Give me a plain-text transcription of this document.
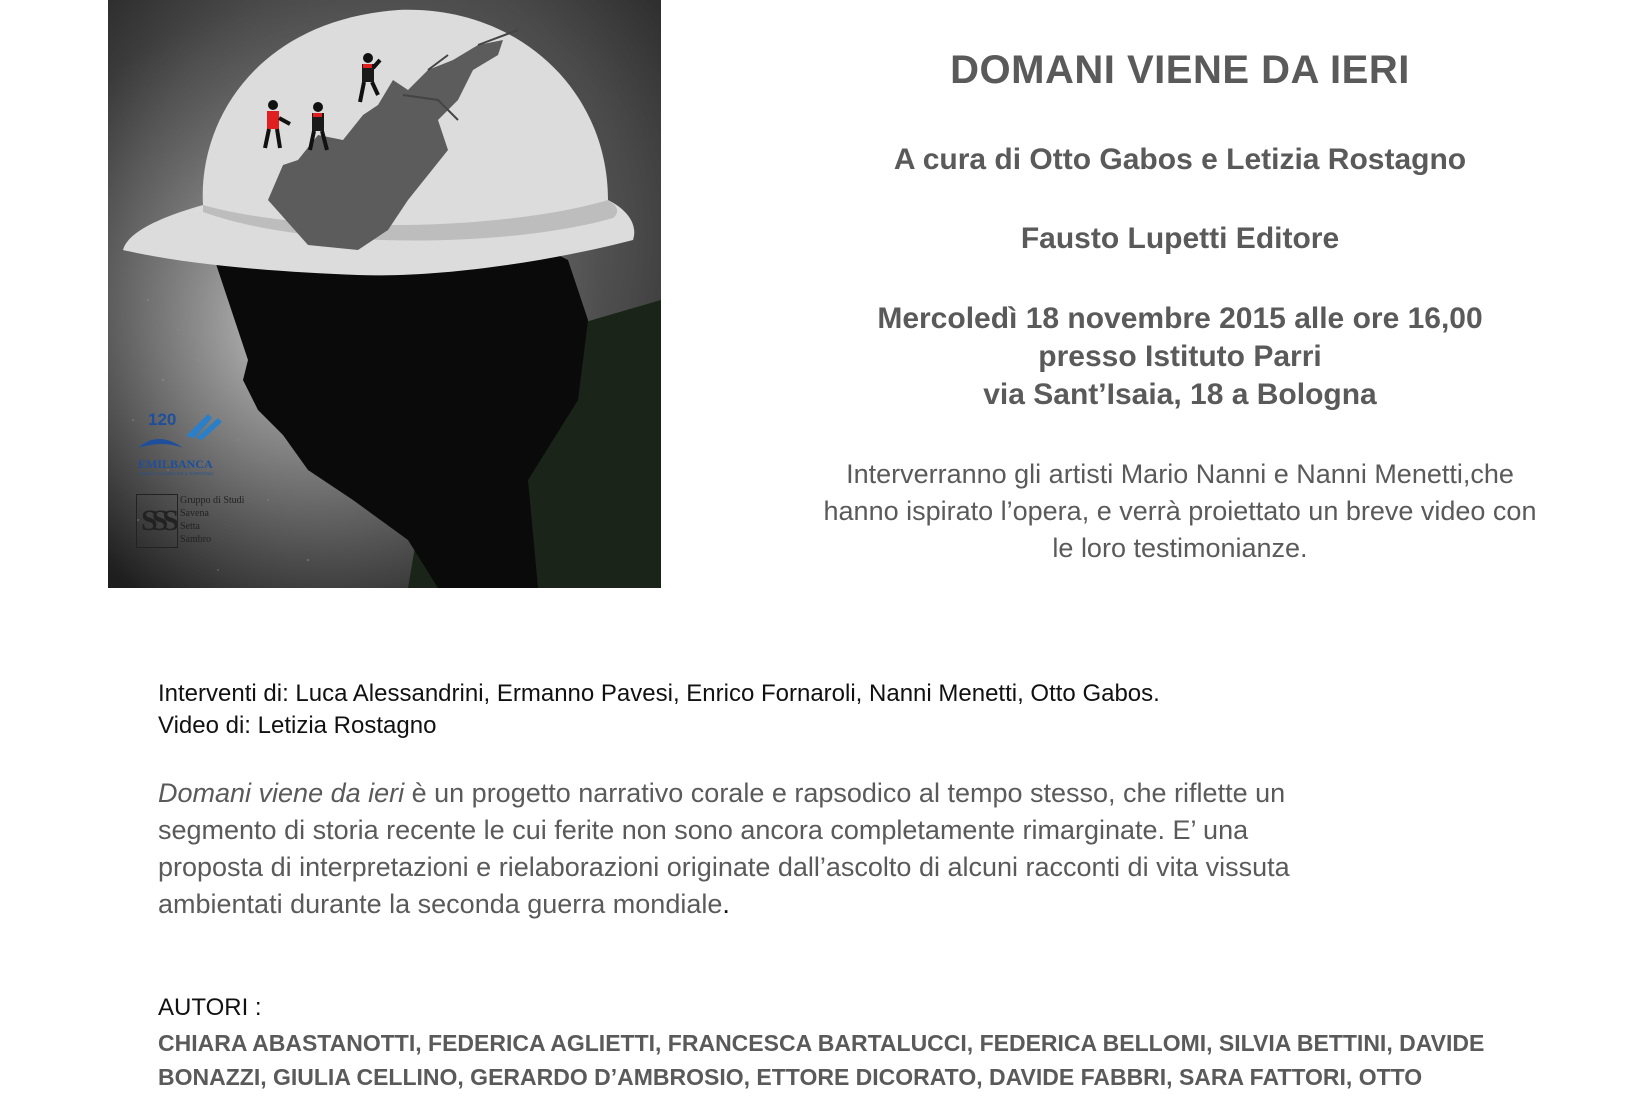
120
EMILBANCA
STORIA E FUTURO PER IL TERRITORIO
SSS
Gruppo di Studi
Savena
Setta
Sambro
DOMANI VIENE DA IERI
A cura di Otto Gabos e Letizia Rostagno
Fausto Lupetti Editore
Mercoledì 18 novembre 2015 alle ore 16,00
presso Istituto Parri
via Sant’Isaia, 18 a Bologna
Interverranno gli artisti Mario Nanni e Nanni Menetti,che
hanno ispirato l’opera, e verrà proiettato un breve video con
le loro testimonianze.
Interventi di: Luca Alessandrini, Ermanno Pavesi, Enrico Fornaroli, Nanni Menetti, Otto Gabos.
Video di: Letizia Rostagno
Domani viene da ieri è un progetto narrativo corale e rapsodico al tempo stesso, che riflette un
segmento di storia recente le cui ferite non sono ancora completamente rimarginate. E’ una
proposta di interpretazioni e rielaborazioni originate dall’ascolto di alcuni racconti di vita vissuta
ambientati durante la seconda guerra mondiale.
AUTORI :
CHIARA ABASTANOTTI, FEDERICA AGLIETTI, FRANCESCA BARTALUCCI, FEDERICA BELLOMI, SILVIA BETTINI, DAVIDE
BONAZZI, GIULIA CELLINO, GERARDO D’AMBROSIO, ETTORE DICORATO, DAVIDE FABBRI, SARA FATTORI, OTTO
